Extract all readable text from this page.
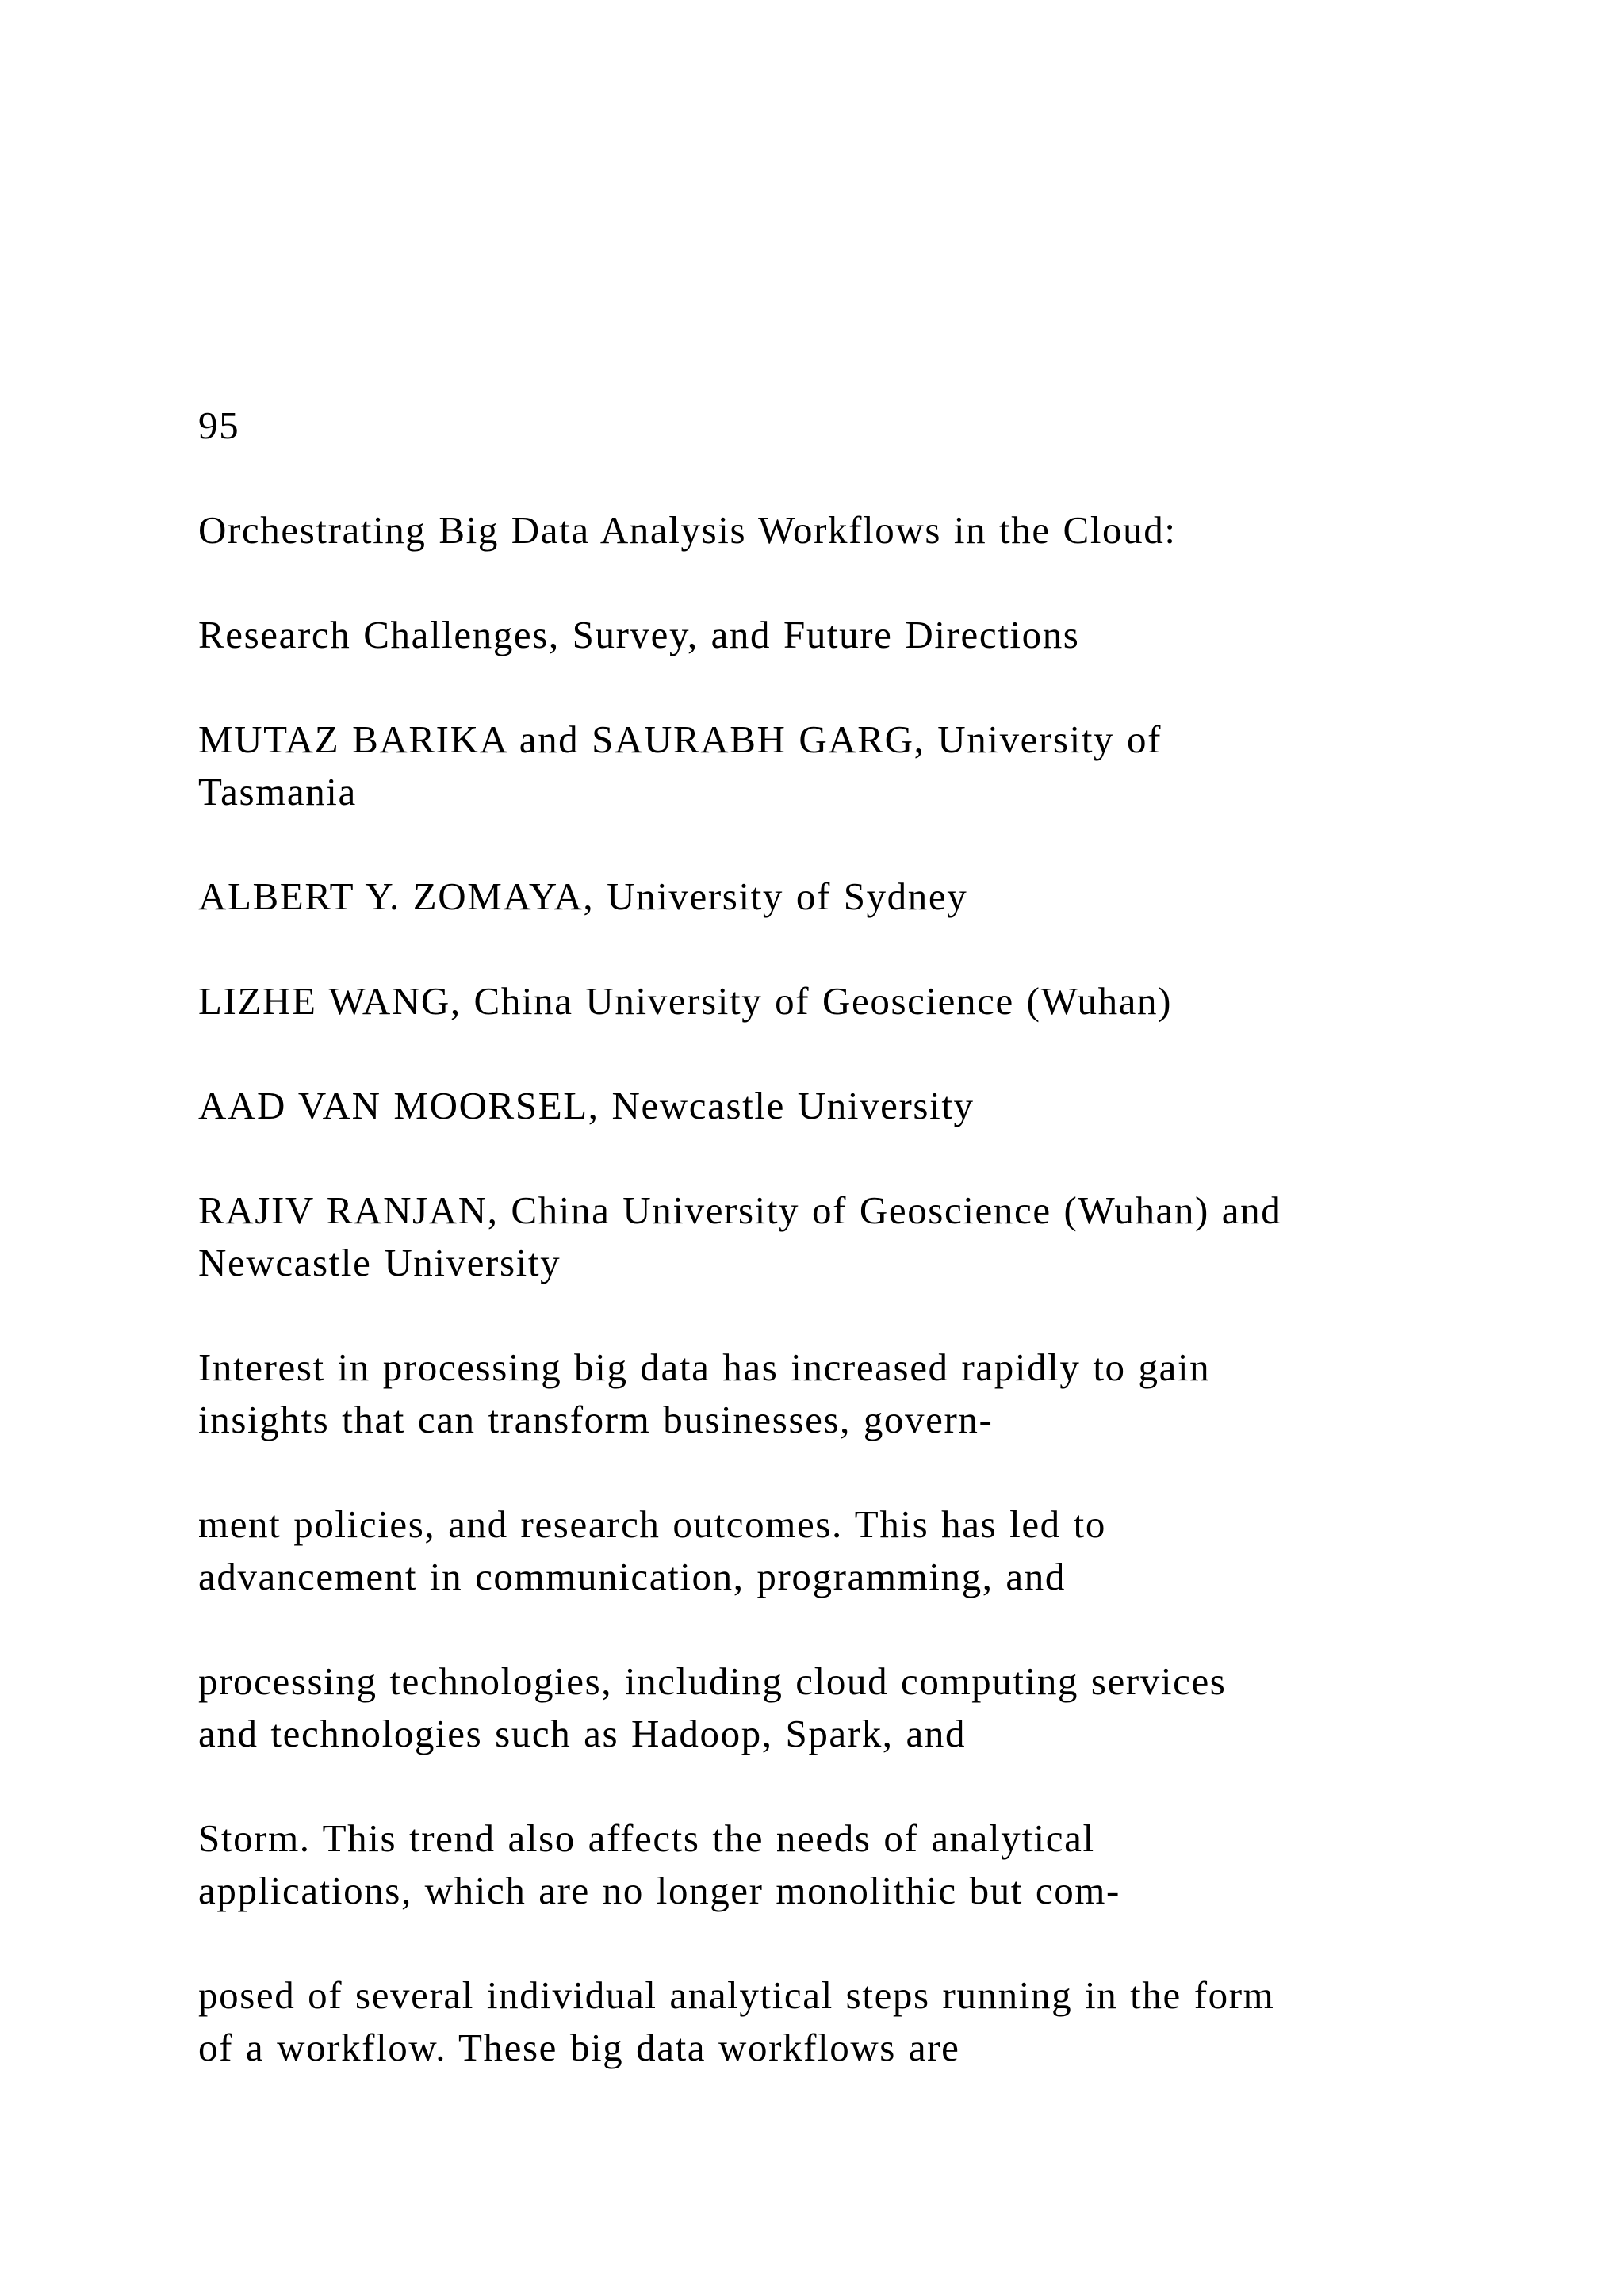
95

Orchestrating Big Data Analysis Workflows in the Cloud:

Research Challenges, Survey, and Future Directions

MUTAZ BARIKA and SAURABH GARG, University of
Tasmania

ALBERT Y. ZOMAYA, University of Sydney

LIZHE WANG, China University of Geoscience (Wuhan)

AAD VAN MOORSEL, Newcastle University

RAJIV RANJAN, China University of Geoscience (Wuhan) and
Newcastle University

Interest in processing big data has increased rapidly to gain
insights that can transform businesses, govern-

ment policies, and research outcomes. This has led to
advancement in communication, programming, and

processing technologies, including cloud computing services
and technologies such as Hadoop, Spark, and

Storm. This trend also affects the needs of analytical
applications, which are no longer monolithic but com-

posed of several individual analytical steps running in the form
of a workflow. These big data workflows are
